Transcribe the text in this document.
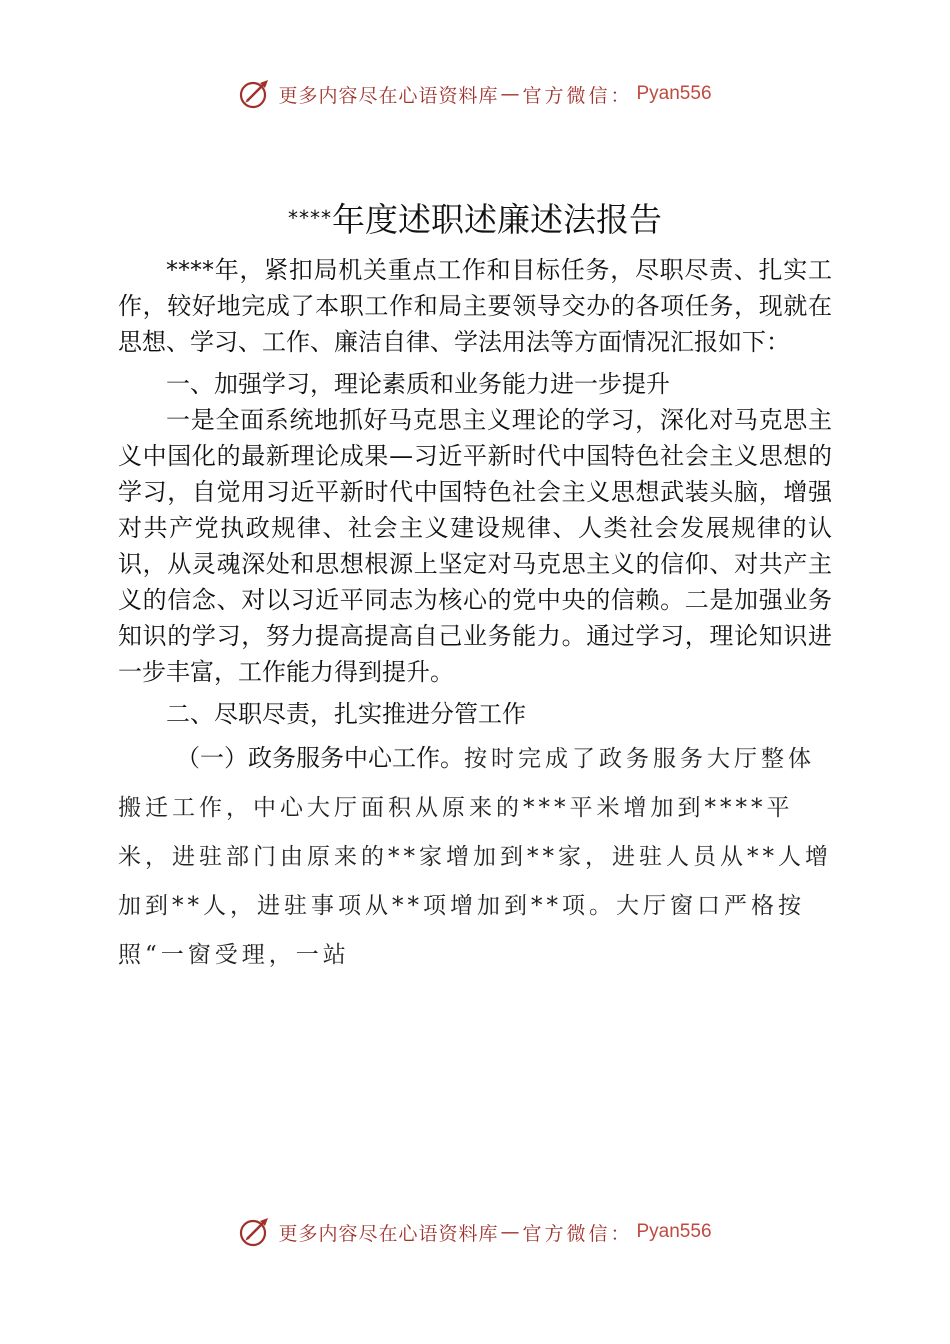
更多内容尽在心语资料库 — 官方微信： Pyan556
****年度述职述廉述法报告

****年，紧扣局机关重点工作和目标任务，尽职尽责、扎实工作，较好地完成了本职工作和局主要领导交办的各项任务，现就在思想、学习、工作、廉洁自律、学法用法等方面情况汇报如下：

一、加强学习，理论素质和业务能力进一步提升

一是全面系统地抓好马克思主义理论的学习，深化对马克思主义中国化的最新理论成果—习近平新时代中国特色社会主义思想的学习，自觉用习近平新时代中国特色社会主义思想武装头脑，增强对共产党执政规律、社会主义建设规律、人类社会发展规律的认识，从灵魂深处和思想根源上坚定对马克思主义的信仰、对共产主义的信念、对以习近平同志为核心的党中央的信赖。二是加强业务知识的学习，努力提高提高自己业务能力。通过学习，理论知识进一步丰富，工作能力得到提升。

二、尽职尽责，扎实推进分管工作

（一）政务服务中心工作。按时完成了政务服务大厅整体搬迁工作，中心大厅面积从原来的***平米增加到****平米，进驻部门由原来的**家增加到**家，进驻人员从**人增加到**人，进驻事项从**项增加到**项。大厅窗口严格按照“一窗受理，一站

更多内容尽在心语资料库 — 官方微信： Pyan556
